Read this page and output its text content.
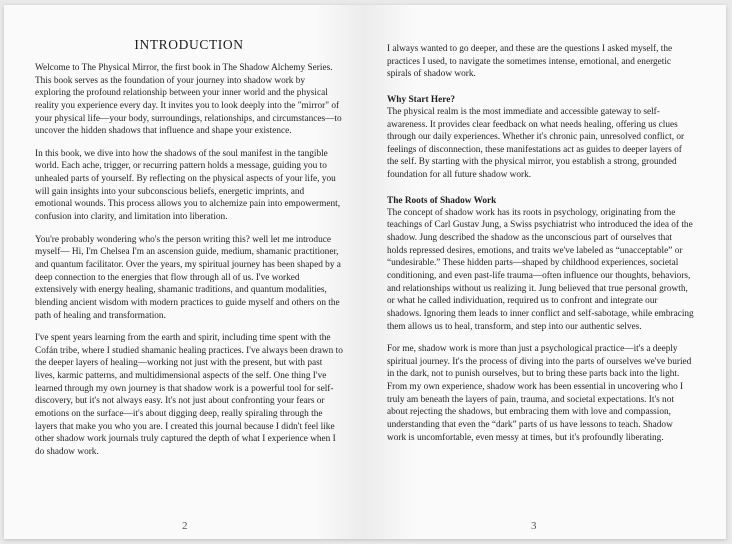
INTRODUCTION

Welcome to The Physical Mirror, the first book in The Shadow Alchemy Series. This book serves as the foundation of your journey into shadow work by exploring the profound relationship between your inner world and the physical reality you experience every day. It invites you to look deeply into the "mirror" of your physical life—your body, surroundings, relationships, and circumstances—to uncover the hidden shadows that influence and shape your existence.

In this book, we dive into how the shadows of the soul manifest in the tangible world. Each ache, trigger, or recurring pattern holds a message, guiding you to unhealed parts of yourself. By reflecting on the physical aspects of your life, you will gain insights into your subconscious beliefs, energetic imprints, and emotional wounds. This process allows you to alchemize pain into empowerment, confusion into clarity, and limitation into liberation.

You're probably wondering who's the person writing this? well let me introduce myself— Hi, I'm Chelsea I'm an ascension guide, medium, shamanic practitioner, and quantum facilitator. Over the years, my spiritual journey has been shaped by a deep connection to the energies that flow through all of us. I've worked extensively with energy healing, shamanic traditions, and quantum modalities, blending ancient wisdom with modern practices to guide myself and others on the path of healing and transformation.

I've spent years learning from the earth and spirit, including time spent with the Cofán tribe, where I studied shamanic healing practices. I've always been drawn to the deeper layers of healing—working not just with the present, but with past lives, karmic patterns, and multidimensional aspects of the self. One thing I've learned through my own journey is that shadow work is a powerful tool for self-discovery, but it's not always easy. It's not just about confronting your fears or emotions on the surface—it's about digging deep, really spiraling through the layers that make you who you are. I created this journal because I didn't feel like other shadow work journals truly captured the depth of what I experience when I do shadow work.

2

I always wanted to go deeper, and these are the questions I asked myself, the practices I used, to navigate the sometimes intense, emotional, and energetic spirals of shadow work.

Why Start Here?

The physical realm is the most immediate and accessible gateway to self-awareness. It provides clear feedback on what needs healing, offering us clues through our daily experiences. Whether it's chronic pain, unresolved conflict, or feelings of disconnection, these manifestations act as guides to deeper layers of the self. By starting with the physical mirror, you establish a strong, grounded foundation for all future shadow work.

The Roots of Shadow Work

The concept of shadow work has its roots in psychology, originating from the teachings of Carl Gustav Jung, a Swiss psychiatrist who introduced the idea of the shadow. Jung described the shadow as the unconscious part of ourselves that holds repressed desires, emotions, and traits we've labeled as “unacceptable” or “undesirable.” These hidden parts—shaped by childhood experiences, societal conditioning, and even past-life trauma—often influence our thoughts, behaviors, and relationships without us realizing it. Jung believed that true personal growth, or what he called individuation, required us to confront and integrate our shadows. Ignoring them leads to inner conflict and self-sabotage, while embracing them allows us to heal, transform, and step into our authentic selves.

For me, shadow work is more than just a psychological practice—it's a deeply spiritual journey. It's the process of diving into the parts of ourselves we've buried in the dark, not to punish ourselves, but to bring these parts back into the light. From my own experience, shadow work has been essential in uncovering who I truly am beneath the layers of pain, trauma, and societal expectations. It's not about rejecting the shadows, but embracing them with love and compassion, understanding that even the “dark” parts of us have lessons to teach. Shadow work is uncomfortable, even messy at times, but it's profoundly liberating.

3
